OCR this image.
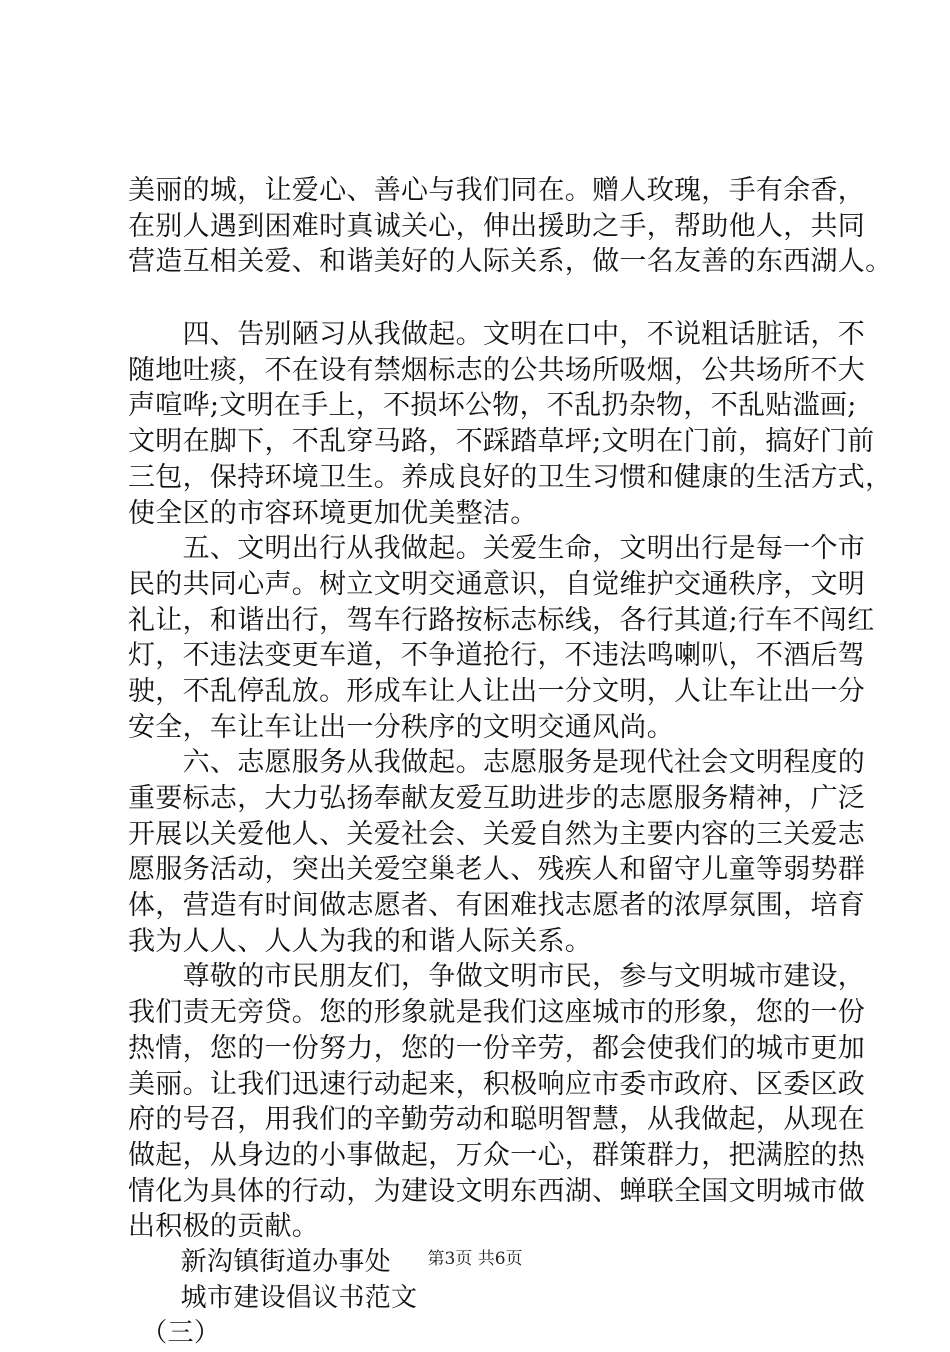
美丽的城，让爱心、善心与我们同在。赠人玫瑰，手有余香，
在别人遇到困难时真诚关心，伸出援助之手，帮助他人，共同
营造互相关爱、和谐美好的人际关系，做一名友善的东西湖人。
　　四、告别陋习从我做起。文明在口中，不说粗话脏话，不
随地吐痰，不在设有禁烟标志的公共场所吸烟，公共场所不大
声喧哗;文明在手上，不损坏公物，不乱扔杂物，不乱贴滥画;
文明在脚下，不乱穿马路，不踩踏草坪;文明在门前，搞好门前
三包，保持环境卫生。养成良好的卫生习惯和健康的生活方式，
使全区的市容环境更加优美整洁。
　　五、文明出行从我做起。关爱生命，文明出行是每一个市
民的共同心声。树立文明交通意识，自觉维护交通秩序，文明
礼让，和谐出行，驾车行路按标志标线，各行其道;行车不闯红
灯，不违法变更车道，不争道抢行，不违法鸣喇叭，不酒后驾
驶，不乱停乱放。形成车让人让出一分文明，人让车让出一分
安全，车让车让出一分秩序的文明交通风尚。
　　六、志愿服务从我做起。志愿服务是现代社会文明程度的
重要标志，大力弘扬奉献友爱互助进步的志愿服务精神，广泛
开展以关爱他人、关爱社会、关爱自然为主要内容的三关爱志
愿服务活动，突出关爱空巢老人、残疾人和留守儿童等弱势群
体，营造有时间做志愿者、有困难找志愿者的浓厚氛围，培育
我为人人、人人为我的和谐人际关系。
　　尊敬的市民朋友们，争做文明市民，参与文明城市建设，
我们责无旁贷。您的形象就是我们这座城市的形象，您的一份
热情，您的一份努力，您的一份辛劳，都会使我们的城市更加
美丽。让我们迅速行动起来，积极响应市委市政府、区委区政
府的号召，用我们的辛勤劳动和聪明智慧，从我做起，从现在
做起，从身边的小事做起，万众一心，群策群力，把满腔的热
情化为具体的行动，为建设文明东西湖、蝉联全国文明城市做
出积极的贡献。
　　新沟镇街道办事处
　　城市建设倡议书范文
　（三）
第3页 共6页
